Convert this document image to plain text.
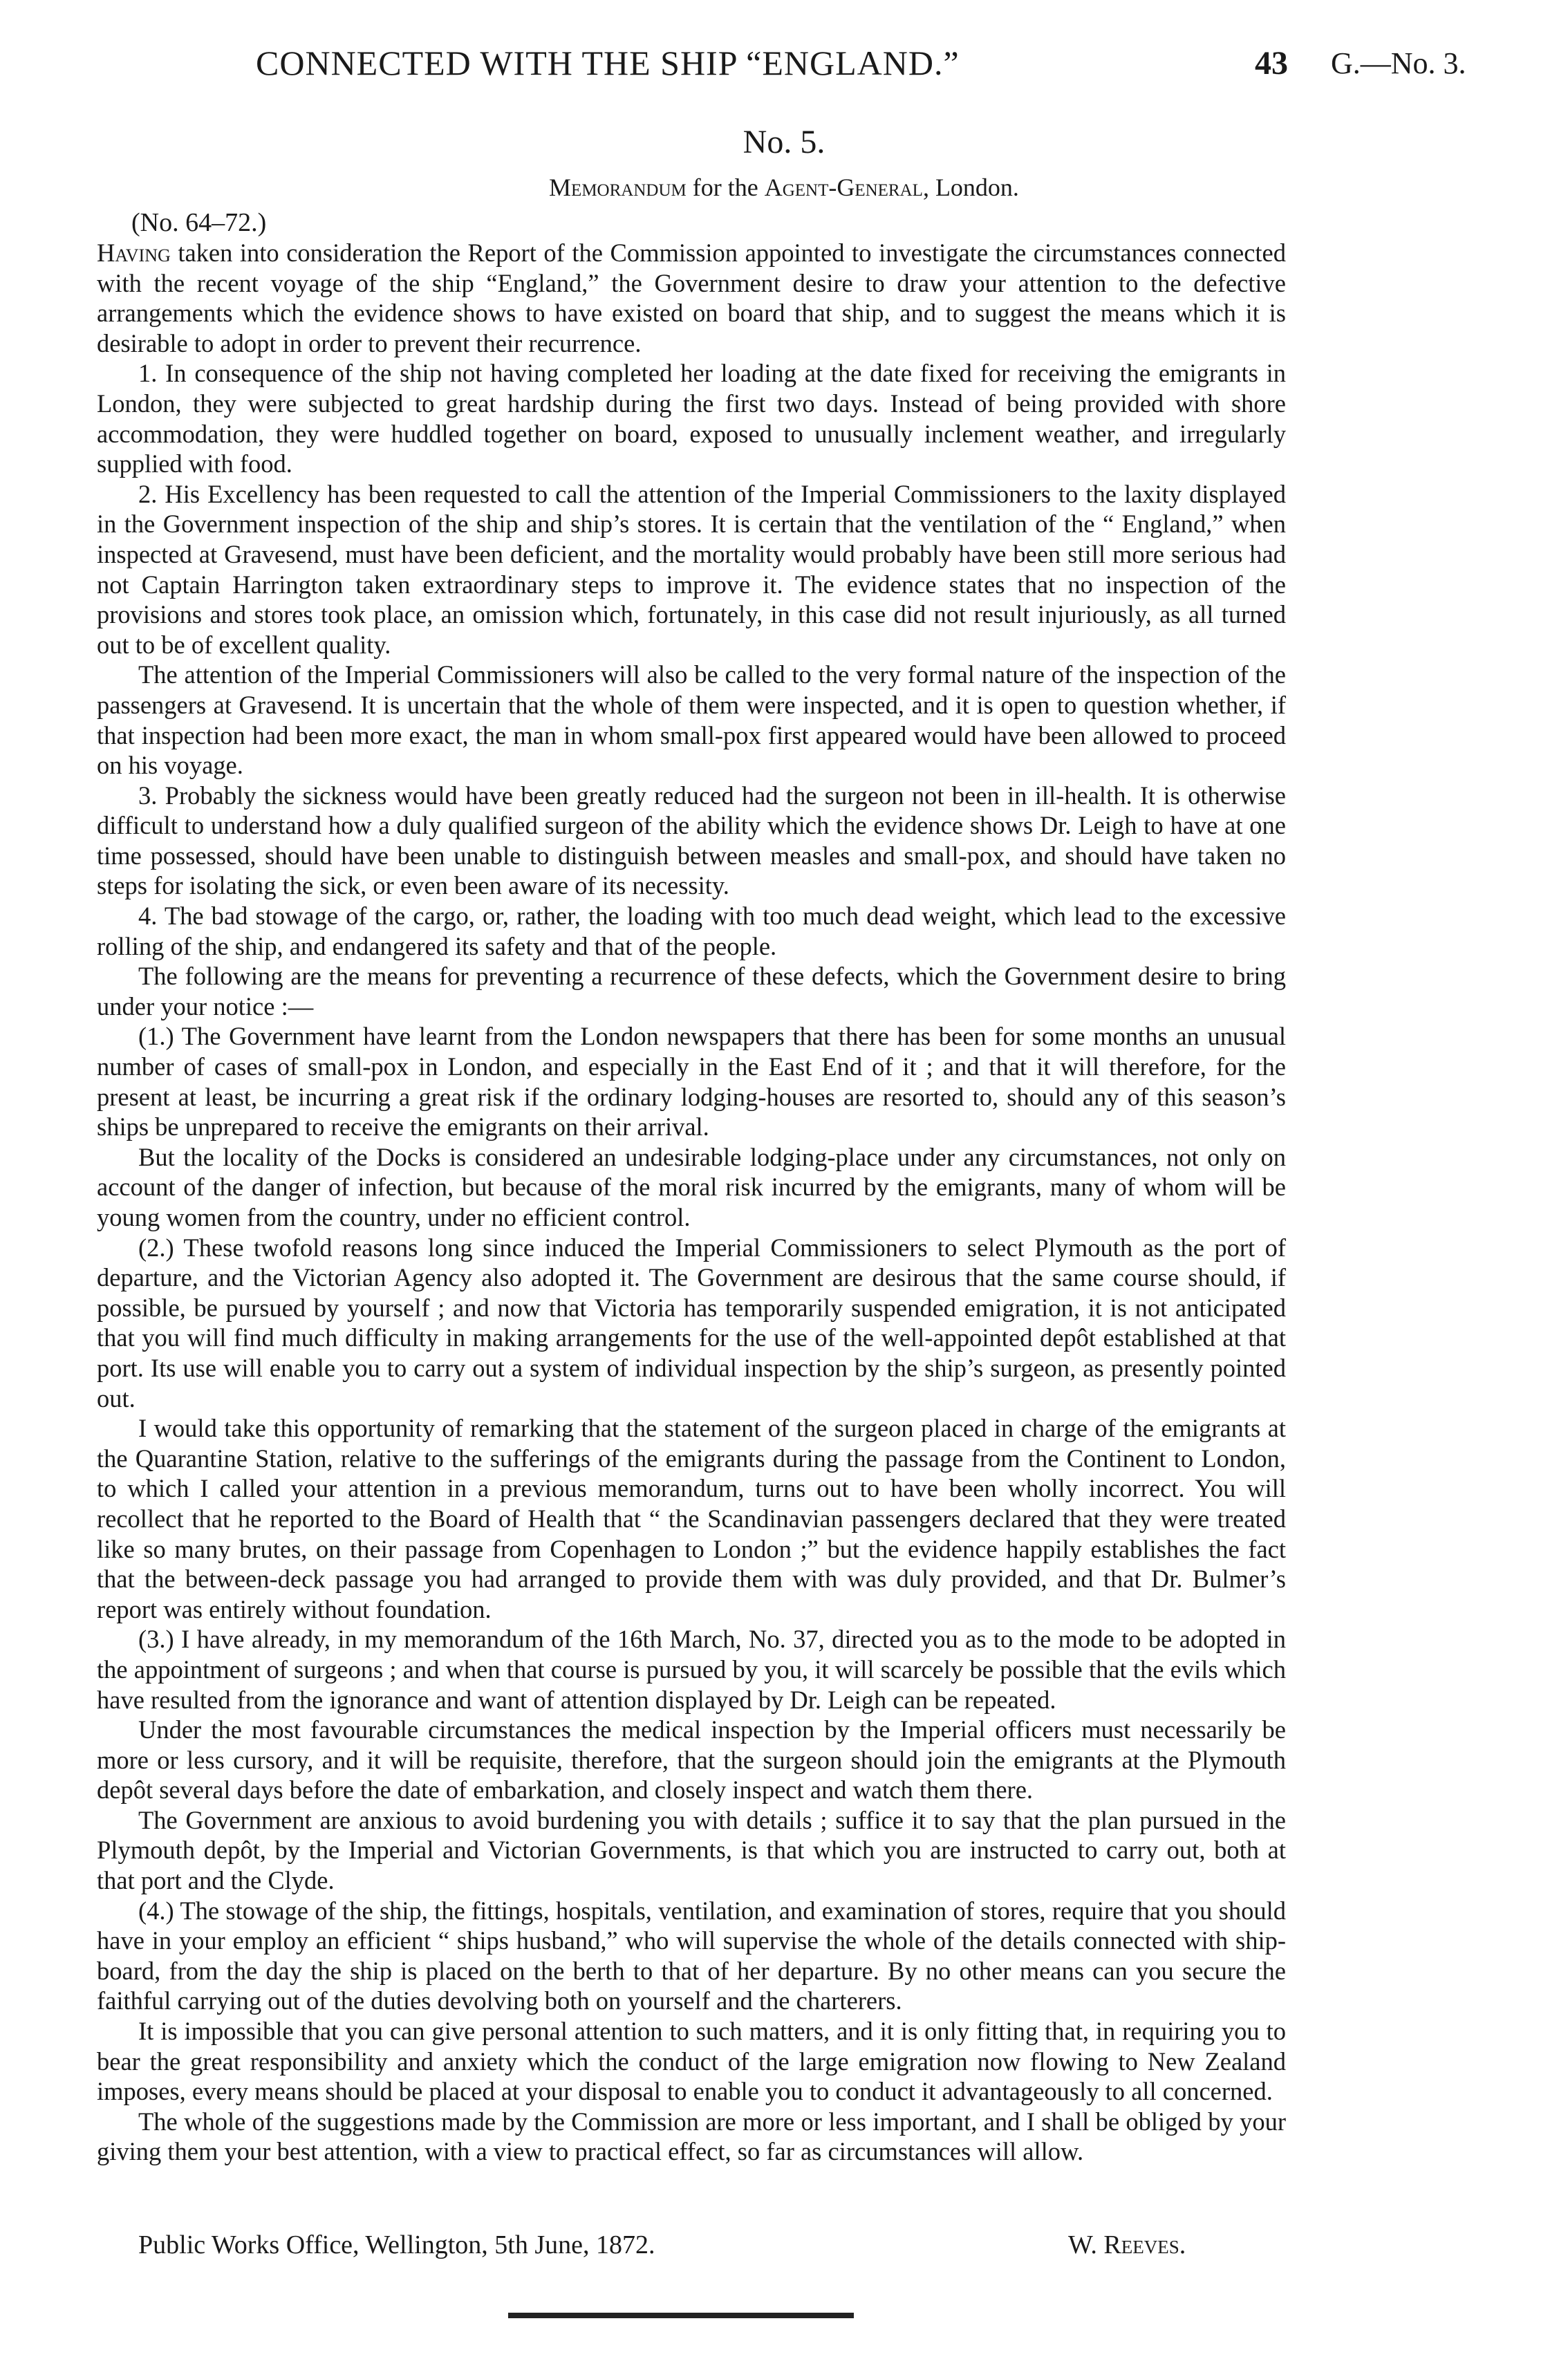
CONNECTED WITH THE SHIP “ENGLAND.”	43 G.—No. 3.
No. 5.
Memorandum for the Agent-General, London.
(No. 64–72.)

Having taken into consideration the Report of the Commission appointed to investigate the circumstances connected with the recent voyage of the ship “England,” the Government desire to draw your attention to the defective arrangements which the evidence shows to have existed on board that ship, and to suggest the means which it is desirable to adopt in order to prevent their recurrence.

1. In consequence of the ship not having completed her loading at the date fixed for receiving the emigrants in London, they were subjected to great hardship during the first two days. Instead of being provided with shore accommodation, they were huddled together on board, exposed to unusually inclement weather, and irregularly supplied with food.

2. His Excellency has been requested to call the attention of the Imperial Commissioners to the laxity displayed in the Government inspection of the ship and ship’s stores. It is certain that the ventilation of the “ England,” when inspected at Gravesend, must have been deficient, and the mortality would probably have been still more serious had not Captain Harrington taken extraordinary steps to improve it. The evidence states that no inspection of the provisions and stores took place, an omission which, fortunately, in this case did not result injuriously, as all turned out to be of excellent quality.

The attention of the Imperial Commissioners will also be called to the very formal nature of the inspection of the passengers at Gravesend. It is uncertain that the whole of them were inspected, and it is open to question whether, if that inspection had been more exact, the man in whom small-pox first appeared would have been allowed to proceed on his voyage.

3. Probably the sickness would have been greatly reduced had the surgeon not been in ill-health. It is otherwise difficult to understand how a duly qualified surgeon of the ability which the evidence shows Dr. Leigh to have at one time possessed, should have been unable to distinguish between measles and small-pox, and should have taken no steps for isolating the sick, or even been aware of its necessity.

4. The bad stowage of the cargo, or, rather, the loading with too much dead weight, which lead to the excessive rolling of the ship, and endangered its safety and that of the people.

The following are the means for preventing a recurrence of these defects, which the Government desire to bring under your notice :—

(1.) The Government have learnt from the London newspapers that there has been for some months an unusual number of cases of small-pox in London, and especially in the East End of it ; and that it will therefore, for the present at least, be incurring a great risk if the ordinary lodging-houses are resorted to, should any of this season’s ships be unprepared to receive the emigrants on their arrival.

But the locality of the Docks is considered an undesirable lodging-place under any circumstances, not only on account of the danger of infection, but because of the moral risk incurred by the emigrants, many of whom will be young women from the country, under no efficient control.

(2.) These twofold reasons long since induced the Imperial Commissioners to select Plymouth as the port of departure, and the Victorian Agency also adopted it. The Government are desirous that the same course should, if possible, be pursued by yourself ; and now that Victoria has temporarily suspended emigration, it is not anticipated that you will find much difficulty in making arrangements for the use of the well-appointed depôt established at that port. Its use will enable you to carry out a system of individual inspection by the ship’s surgeon, as presently pointed out.

I would take this opportunity of remarking that the statement of the surgeon placed in charge of the emigrants at the Quarantine Station, relative to the sufferings of the emigrants during the passage from the Continent to London, to which I called your attention in a previous memorandum, turns out to have been wholly incorrect. You will recollect that he reported to the Board of Health that “ the Scandinavian passengers declared that they were treated like so many brutes, on their passage from Copenhagen to London ;” but the evidence happily establishes the fact that the between-deck passage you had arranged to provide them with was duly provided, and that Dr. Bulmer’s report was entirely without foundation.

(3.) I have already, in my memorandum of the 16th March, No. 37, directed you as to the mode to be adopted in the appointment of surgeons ; and when that course is pursued by you, it will scarcely be possible that the evils which have resulted from the ignorance and want of attention displayed by Dr. Leigh can be repeated.

Under the most favourable circumstances the medical inspection by the Imperial officers must necessarily be more or less cursory, and it will be requisite, therefore, that the surgeon should join the emigrants at the Plymouth depôt several days before the date of embarkation, and closely inspect and watch them there.

The Government are anxious to avoid burdening you with details ; suffice it to say that the plan pursued in the Plymouth depôt, by the Imperial and Victorian Governments, is that which you are instructed to carry out, both at that port and the Clyde.

(4.) The stowage of the ship, the fittings, hospitals, ventilation, and examination of stores, require that you should have in your employ an efficient “ ships husband,” who will supervise the whole of the details connected with ship-board, from the day the ship is placed on the berth to that of her departure. By no other means can you secure the faithful carrying out of the duties devolving both on yourself and the charterers.

It is impossible that you can give personal attention to such matters, and it is only fitting that, in requiring you to bear the great responsibility and anxiety which the conduct of the large emigration now flowing to New Zealand imposes, every means should be placed at your disposal to enable you to conduct it advantageously to all concerned.

The whole of the suggestions made by the Commission are more or less important, and I shall be obliged by your giving them your best attention, with a view to practical effect, so far as circumstances will allow.

Public Works Office, Wellington, 5th June, 1872.	W. Reeves.
